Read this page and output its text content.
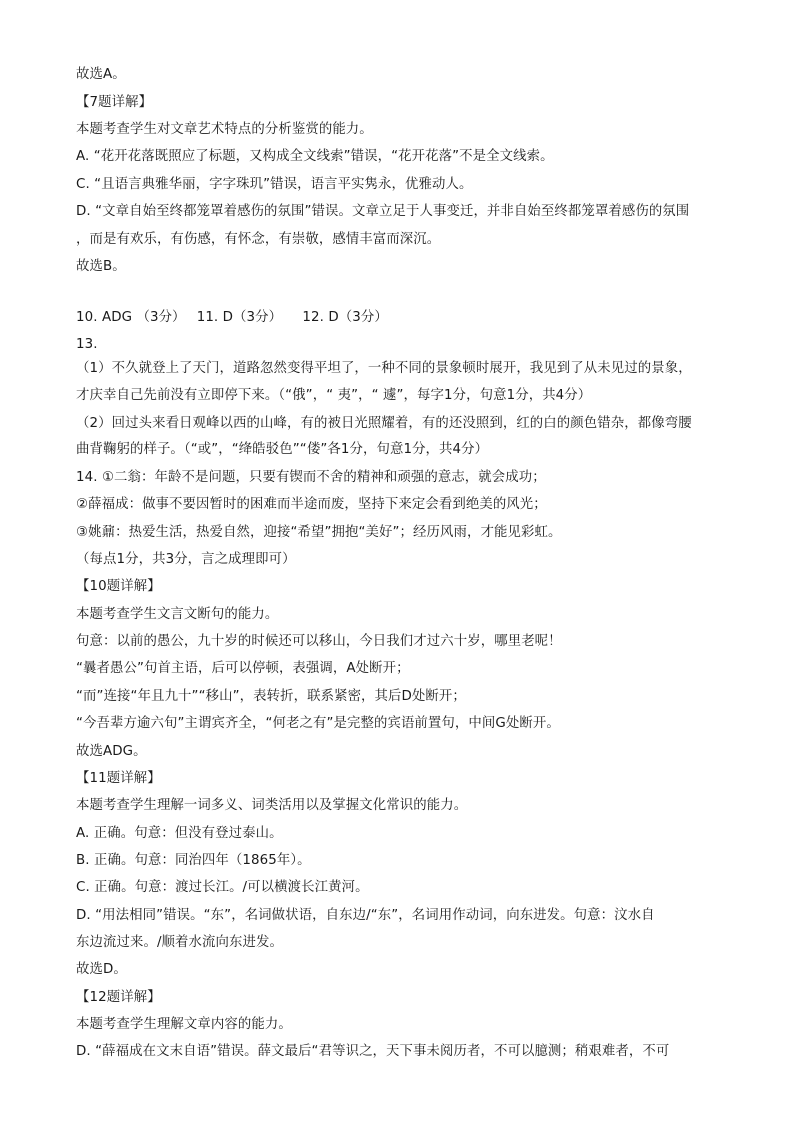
故选A。
【7题详解】
本题考查学生对文章艺术特点的分析鉴赏的能力。
A. “花开花落既照应了标题，又构成全文线索”错误，“花开花落”不是全文线索。
C. “且语言典雅华丽，字字珠玑”错误，语言平实隽永，优雅动人。
D. “文章自始至终都笼罩着感伤的氛围”错误。文章立足于人事变迁，并非自始至终都笼罩着感伤的氛围
，而是有欢乐，有伤感，有怀念，有崇敬，感情丰富而深沉。
故选B。
10. ADG （3分）　 11. D（3分）　　12. D（3分）
13.
（1）不久就登上了天门，道路忽然变得平坦了，一种不同的景象顿时展开，我见到了从未见过的景象，
才庆幸自己先前没有立即停下来。（“俄”，“ 夷”，“ 遽”，每字1分，句意1分，共4分）
（2）回过头来看日观峰以西的山峰，有的被日光照耀着，有的还没照到，红的白的颜色错杂，都像弯腰
曲背鞠躬的样子。（“或”，“绛皓驳色”“偻”各1分，句意1分，共4分）
14. ①二翁：年龄不是问题，只要有锲而不舍的精神和顽强的意志，就会成功；
②薛福成：做事不要因暂时的困难而半途而废，坚持下来定会看到绝美的风光；
③姚鼐：热爱生活，热爱自然，迎接“希望”拥抱“美好”；经历风雨，才能见彩虹。
（每点1分，共3分，言之成理即可）
【10题详解】
本题考查学生文言文断句的能力。
句意：以前的愚公，九十岁的时候还可以移山，今日我们才过六十岁，哪里老呢！
“曩者愚公”句首主语，后可以停顿，表强调，A处断开；
“而”连接“年且九十”“移山”，表转折，联系紧密，其后D处断开；
“今吾辈方逾六旬”主谓宾齐全，“何老之有”是完整的宾语前置句，中间G处断开。
故选ADG。
【11题详解】
本题考查学生理解一词多义、词类活用以及掌握文化常识的能力。
A. 正确。句意：但没有登过泰山。
B. 正确。句意：同治四年（1865年）。
C. 正确。句意：渡过长江。/可以横渡长江黄河。
D. “用法相同”错误。“东”，名词做状语，自东边/“东”，名词用作动词，向东进发。句意：汶水自
东边流过来。/顺着水流向东进发。
故选D。
【12题详解】
本题考查学生理解文章内容的能力。
D. “薛福成在文末自语”错误。薛文最后“君等识之，天下事未阅历者，不可以臆测；稍艰难者，不可
